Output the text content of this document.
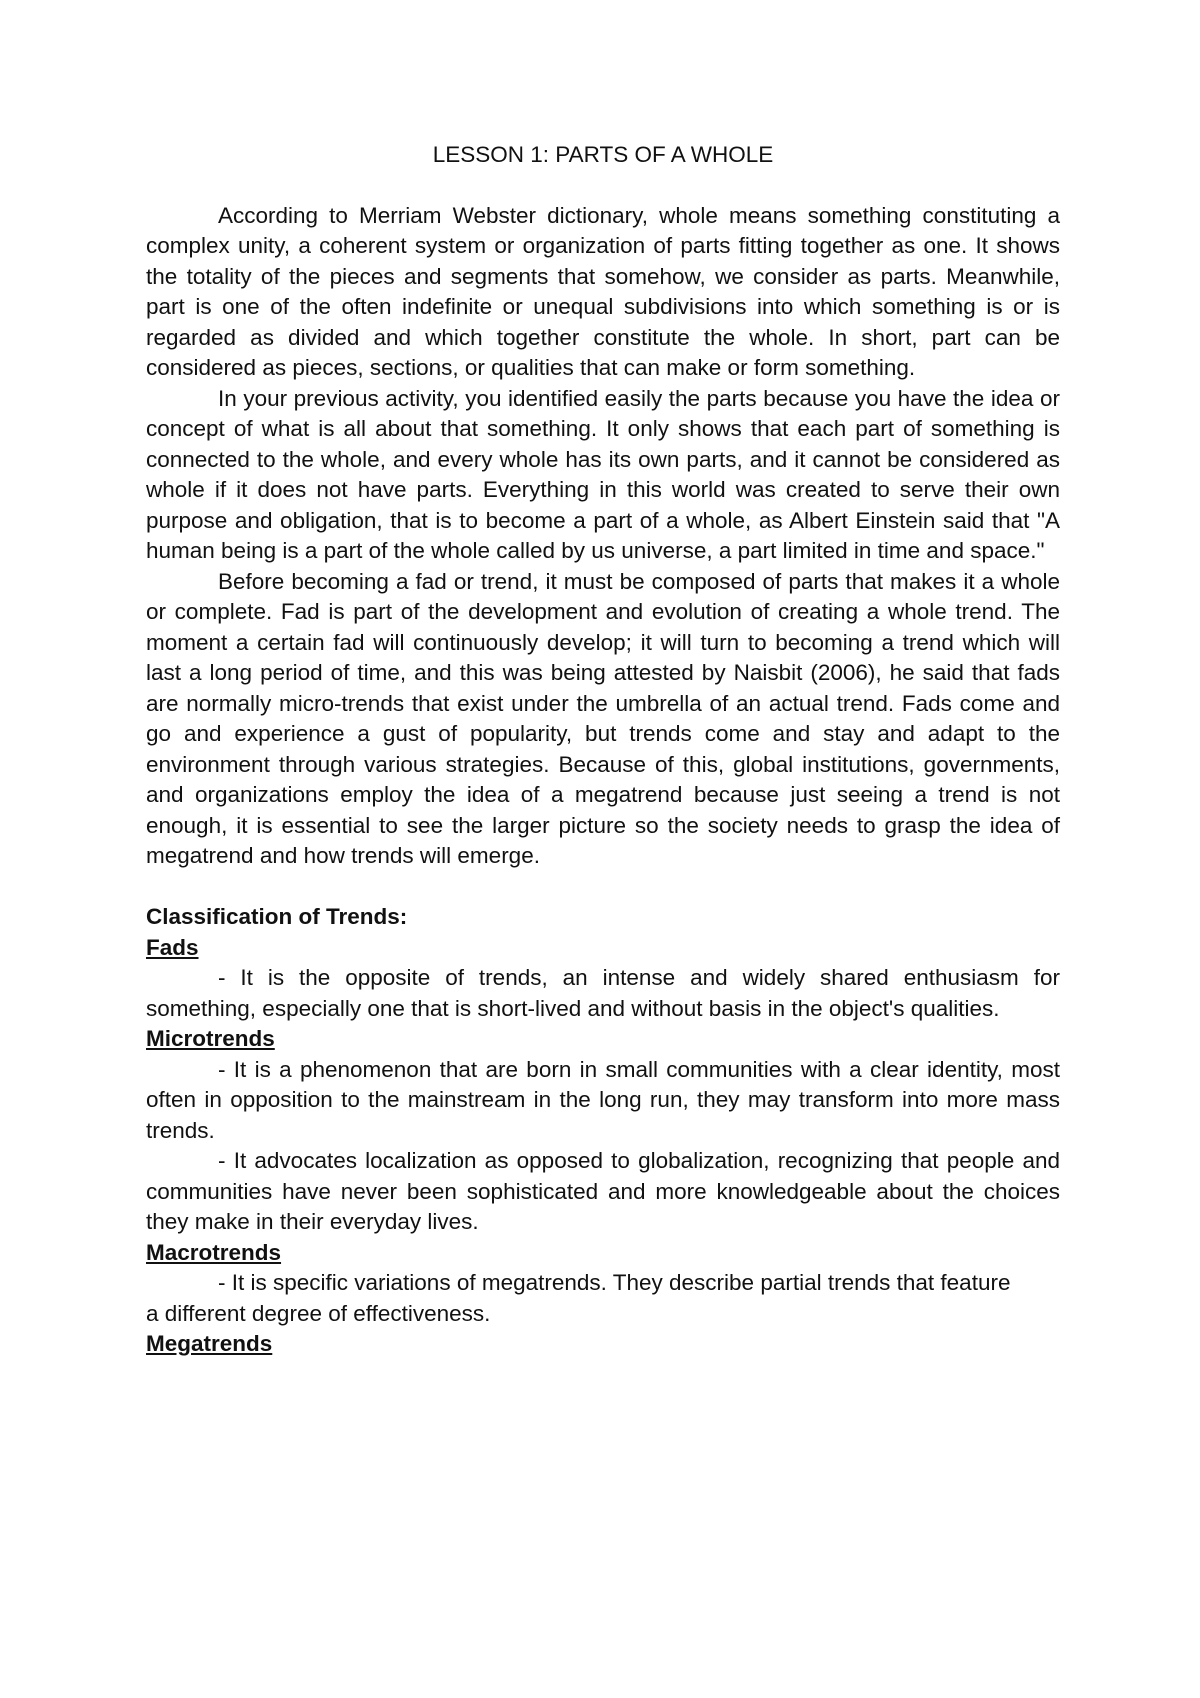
LESSON 1: PARTS OF A WHOLE

According to Merriam Webster dictionary, whole means something constituting a complex unity, a coherent system or organization of parts fitting together as one. It shows the totality of the pieces and segments that somehow, we consider as parts. Meanwhile, part is one of the often indefinite or unequal subdivisions into which something is or is regarded as divided and which together constitute the whole. In short, part can be considered as pieces, sections, or qualities that can make or form something.

In your previous activity, you identified easily the parts because you have the idea or concept of what is all about that something. It only shows that each part of something is connected to the whole, and every whole has its own parts, and it cannot be considered as whole if it does not have parts. Everything in this world was created to serve their own purpose and obligation, that is to become a part of a whole, as Albert Einstein said that "A human being is a part of the whole called by us universe, a part limited in time and space."

Before becoming a fad or trend, it must be composed of parts that makes it a whole or complete. Fad is part of the development and evolution of creating a whole trend. The moment a certain fad will continuously develop; it will turn to becoming a trend which will last a long period of time, and this was being attested by Naisbit (2006), he said that fads are normally micro-trends that exist under the umbrella of an actual trend. Fads come and go and experience a gust of popularity, but trends come and stay and adapt to the environment through various strategies. Because of this, global institutions, governments, and organizations employ the idea of a megatrend because just seeing a trend is not enough, it is essential to see the larger picture so the society needs to grasp the idea of megatrend and how trends will emerge.

Classification of Trends:
Fads

- It is the opposite of trends, an intense and widely shared enthusiasm for something, especially one that is short-lived and without basis in the object's qualities.

Microtrends

- It is a phenomenon that are born in small communities with a clear identity, most often in opposition to the mainstream in the long run, they may transform into more mass trends.

- It advocates localization as opposed to globalization, recognizing that people and communities have never been sophisticated and more knowledgeable about the choices they make in their everyday lives.

Macrotrends

- It is specific variations of megatrends. They describe partial trends that feature

a different degree of effectiveness.

Megatrends
